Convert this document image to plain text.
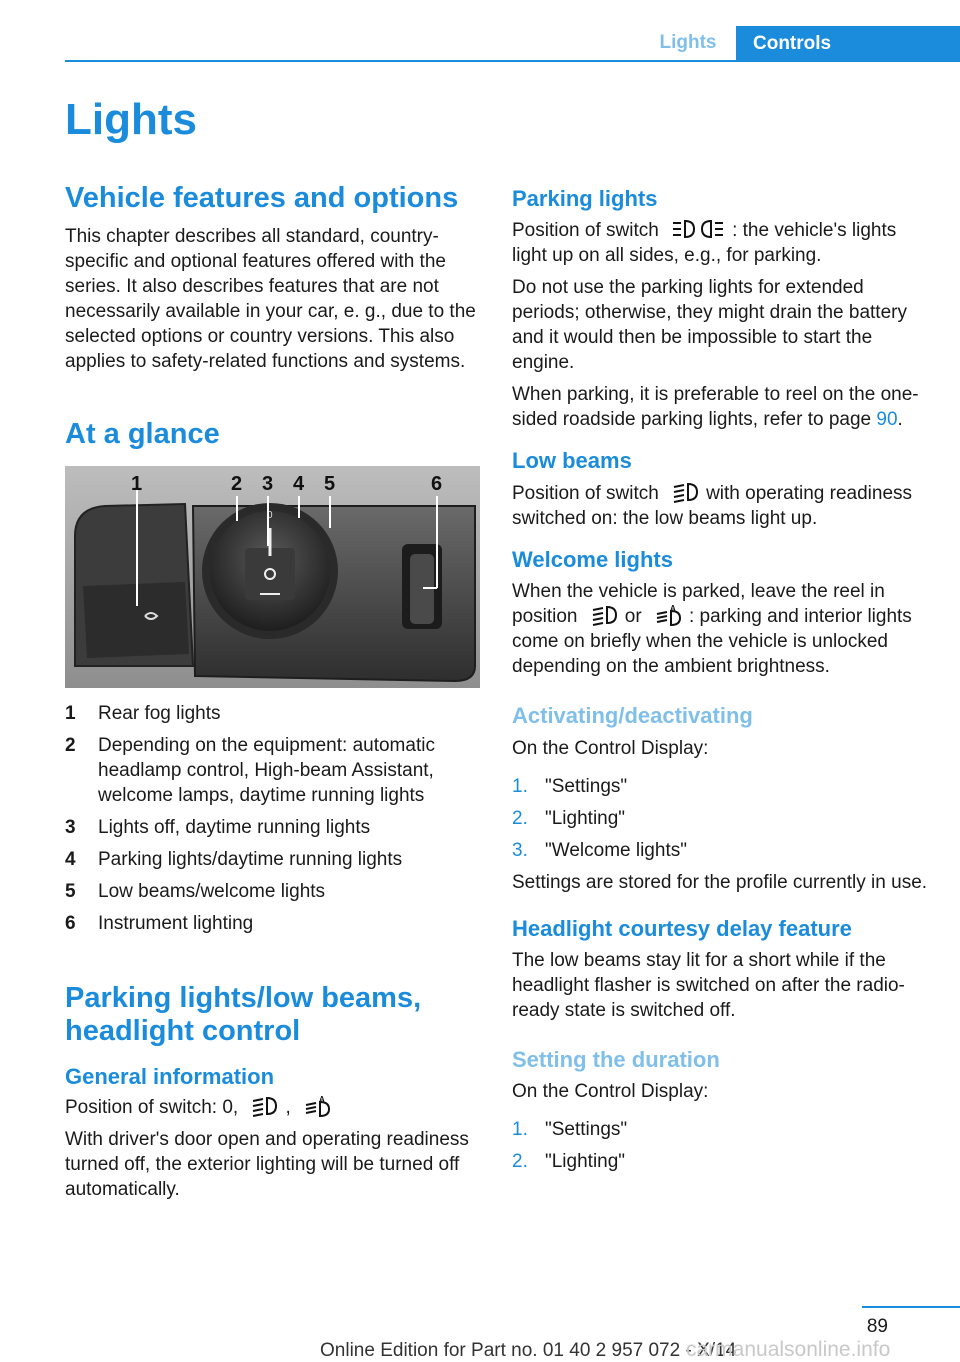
Lights	Controls
Lights
Vehicle features and options

This chapter describes all standard, country-specific and optional features offered with the series. It also describes features that are not necessarily available in your car, e. g., due to the selected options or country versions. This also applies to safety-related functions and systems.

At a glance
0
1	2 3 4 5	6
1	Rear fog lights
2	Depending on the equipment: automatic headlamp control, High-beam Assistant, welcome lamps, daytime running lights
3	Lights off, daytime running lights
4	Parking lights/daytime running lights
5	Low beams/welcome lights
6	Instrument lighting
Parking lights/low beams, headlight control
General information

Position of switch: 0, ,	A

With driver's door open and operating readiness turned off, the exterior lighting will be turned off automatically.

Parking lights

Position of switch	: the vehicle's lights light up on all sides, e.g., for parking.

Do not use the parking lights for extended periods; otherwise, they might drain the battery and it would then be impossible to start the engine.

When parking, it is preferable to reel on the one-sided roadside parking lights, refer to page 90.

Low beams

Position of switch with operating readiness switched on: the low beams light up.

Welcome lights

When the vehicle is parked, leave the reel in position or	A : parking and interior lights come on briefly when the vehicle is unlocked depending on the ambient brightness.

Activating/deactivating

On the Control Display:

1. "Settings"
2. "Lighting"
3. "Welcome lights"

Settings are stored for the profile currently in use.

Headlight courtesy delay feature

The low beams stay lit for a short while if the headlight flasher is switched on after the radio-ready state is switched off.

Setting the duration

On the Control Display:

1. "Settings"
2. "Lighting"
89
Online Edition for Part no. 01 40 2 957 072 - X/14
carmanualsonline.info
